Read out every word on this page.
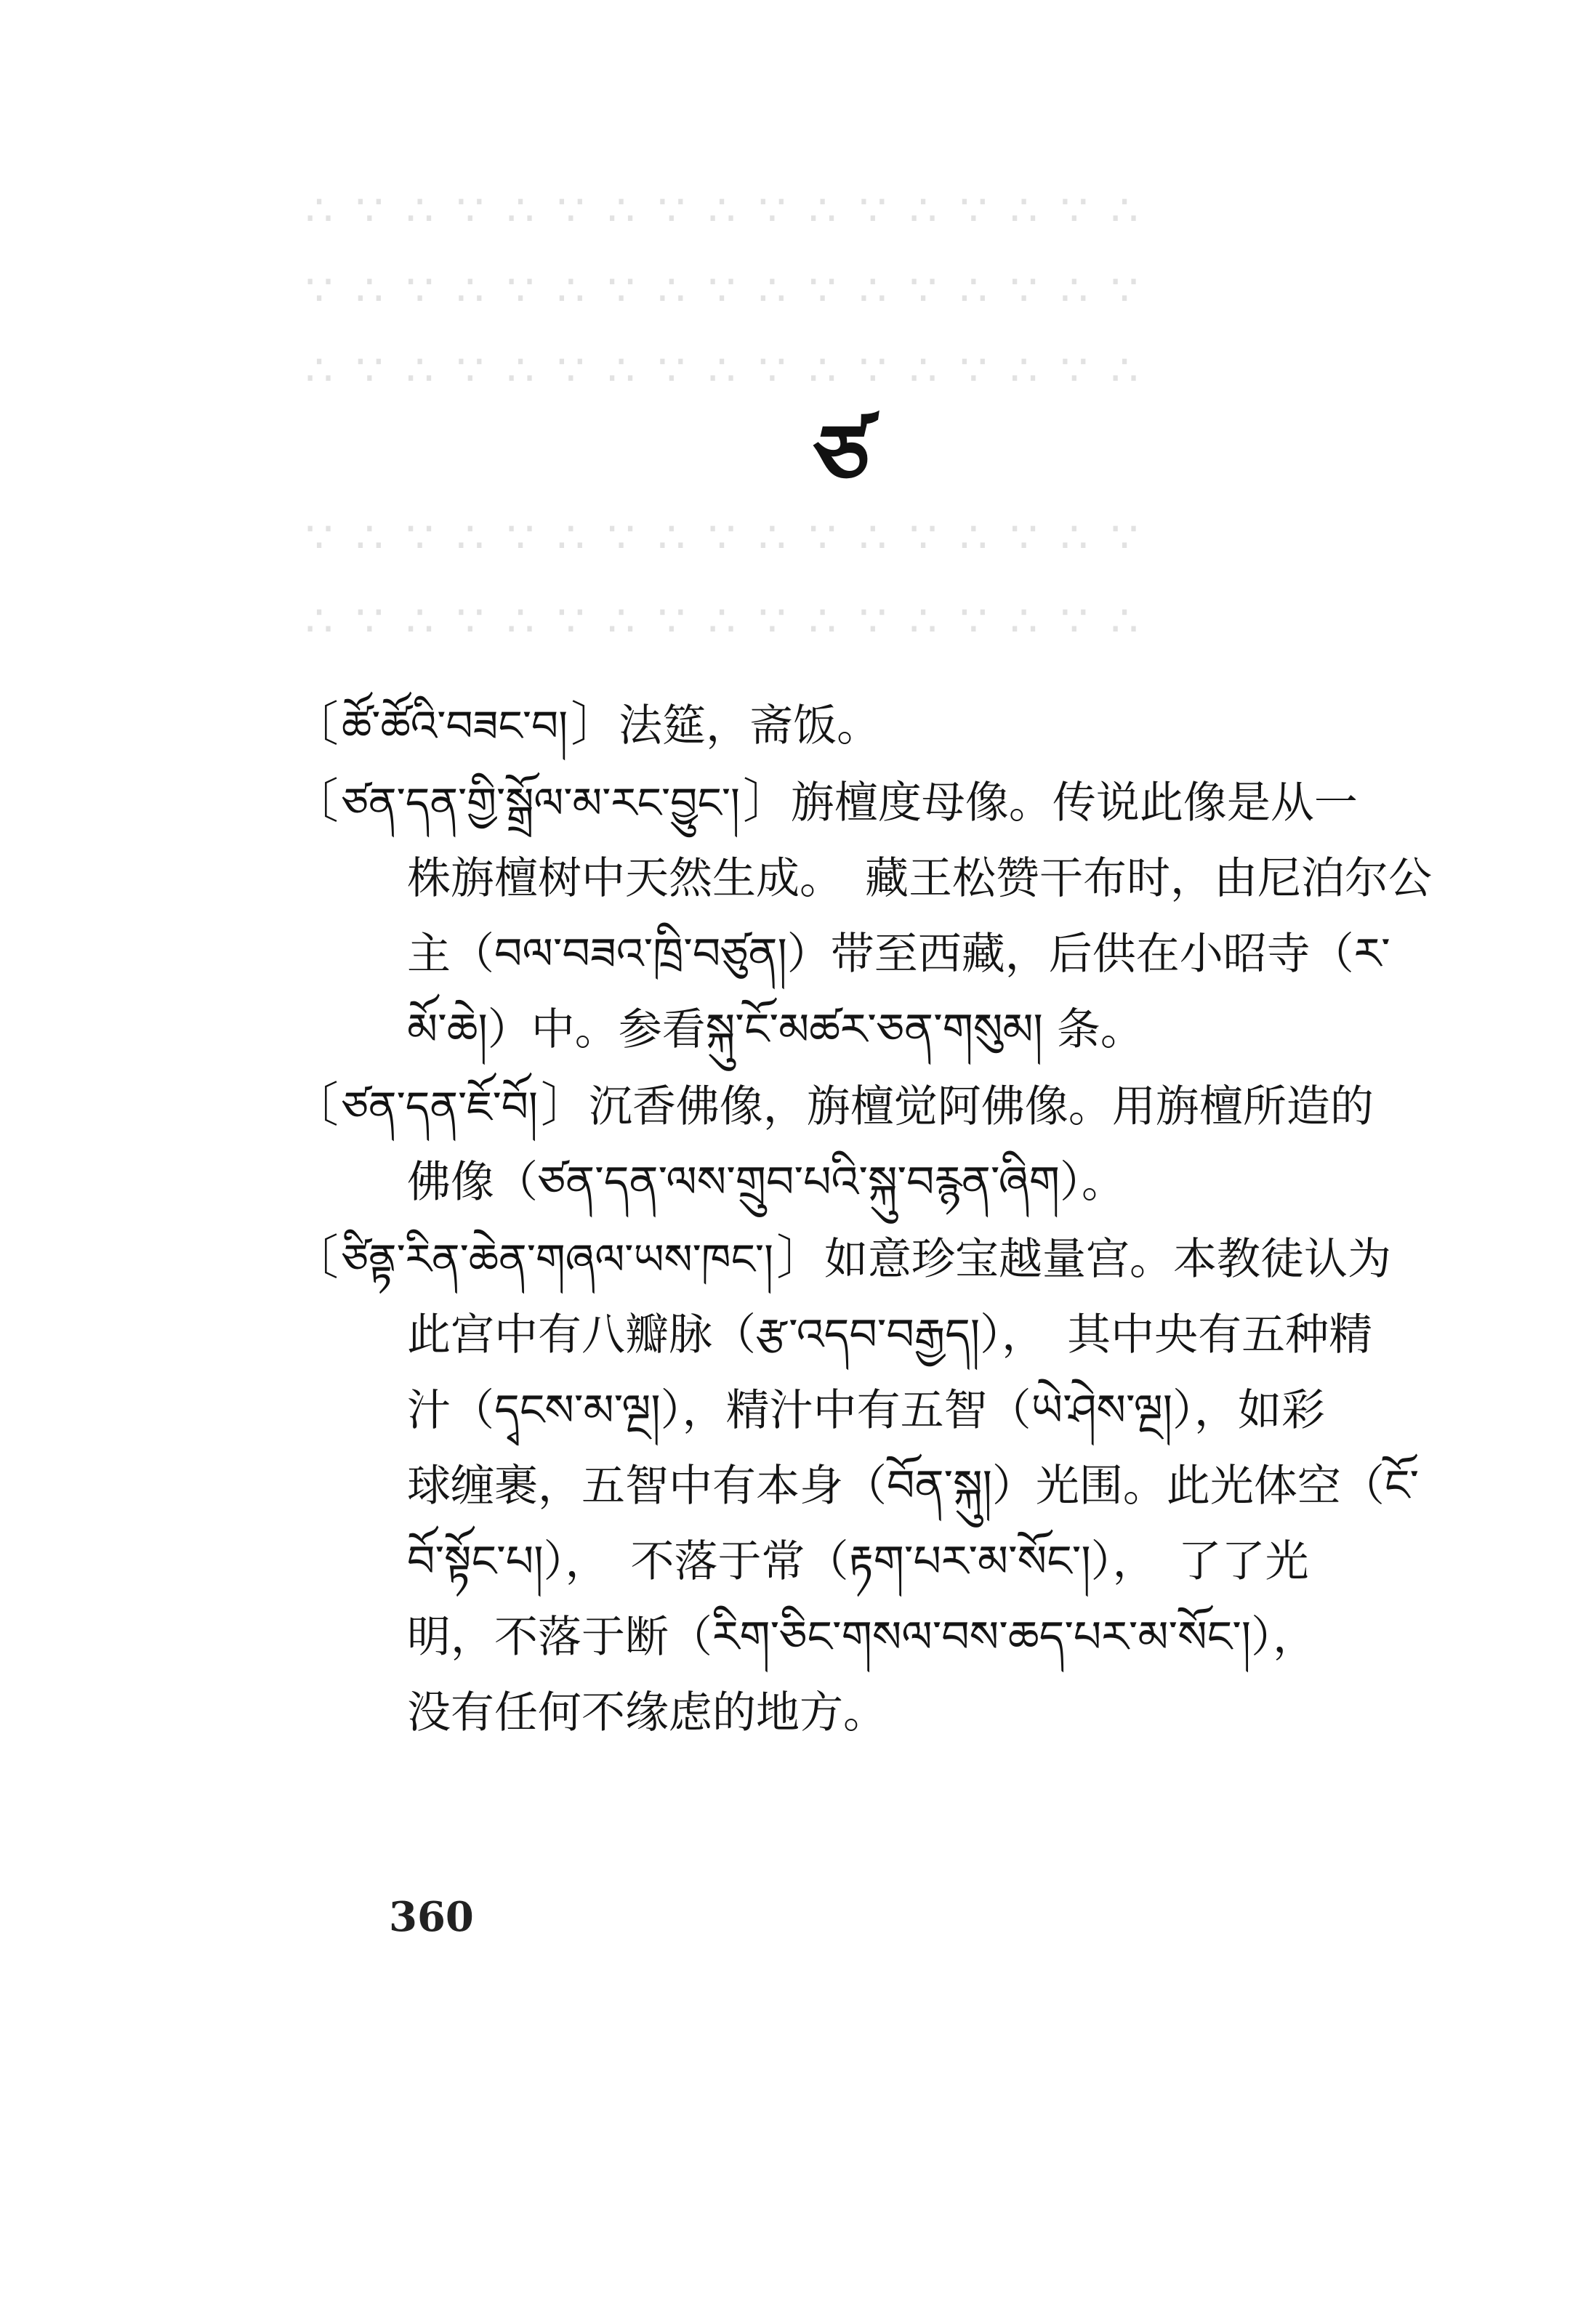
∴ ∵ ∴ ∵ ∴ ∵ ∴ ∵ ∴ ∵ ∴ ∵ ∴ ∵ ∴ ∵ ∴
∵ ∴ ∵ ∴ ∵ ∴ ∵ ∴ ∵ ∴ ∵ ∴ ∵ ∴ ∵ ∴ ∵
∴ ∵ ∴ ∵ ∴ ∵ ∴ ∵ ∴ ∵ ∴ ∵ ∴ ∵ ∴ ∵ ∴
∵ ∴ ∵ ∴ ∵ ∴ ∵ ∴ ∵ ∴ ∵ ∴ ∵ ∴ ∵ ∴ ∵
∴ ∵ ∴ ∵ ∴ ∵ ∴ ∵ ∴ ∵ ∴ ∵ ∴ ∵ ∴ ∵ ∴
ཙ
〔 ཚོ་ཚོའི་བཟང་བ། 〕 法筵，斋饭。
〔 ཙན་དན་གྱི་སྒྲོལ་མ་རང་བྱུང་། 〕 旃檀度母像。传说此像是从一
株旃檀树中天然生成。　藏王松赞干布时，由尼泊尔公
主（བལ་བཟའ་ཁྲི་བཙུན།）带至西藏，后供在小昭寺（ར་
མོ་ཆེ།）中。参看སྐུ་ངོ་མཚར་ཅན་གསུམ། 条。
〔 ཙན་དན་ཇོ་བོ། 〕 沉香佛像，旃檀觉阿佛像。用旃檀所造的
佛像（ཙན་དན་ལས་གྲུབ་པའི་སྐུ་བརྙན་ཞིག）。
〔 ཙིནྟ་རིན་ཆེན་གཞལ་ཡས་ཁང་། 〕 如意珍宝越量宫。本教徒认为
此宫中有八瓣脉（རྩ་འདབ་བརྒྱད།），　其中央有五种精
汁（དྭངས་མ་ལྔ།），精汁中有五智（ཡེ་ཤེས་ལྔ།），如彩
球缠裹，五智中有本身（བོན་སྐུ།）光围。此光体空（ངོ་
བོ་སྟོང་པ།），　不落于常（རྟག་པར་མ་སོང་།），　了了光
明，不落于断（རིག་ཅིང་གསལ་བས་ཆད་པར་མ་སོང་།），
没有任何不缘虑的地方。
360
